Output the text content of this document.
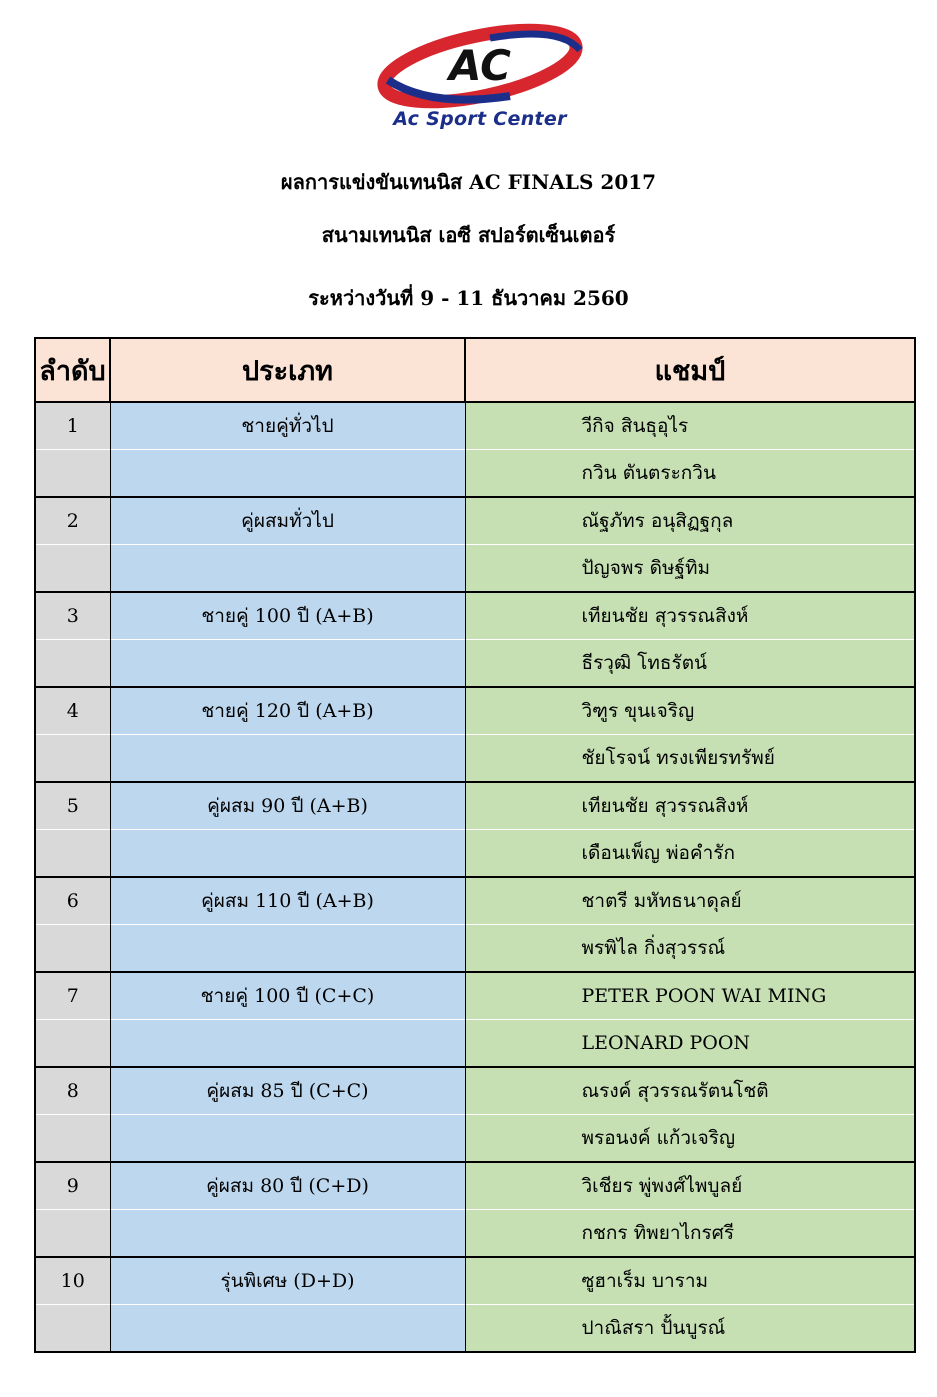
AC
Ac Sport Center
ผลการแข่งขันเทนนิส AC FINALS 2017
สนามเทนนิส เอซี สปอร์ตเซ็นเตอร์
ระหว่างวันที่ 9 - 11 ธันวาคม 2560
ลำดับ	ประเภท	แชมป์
1	ชายคู่ทั่วไป	วีกิจ สินธุอุไร
		กวิน ตันตระกวิน
2	คู่ผสมทั่วไป	ณัฐภัทร อนุสิฏฐกุล
		ปัญจพร ดิษฐ์ทิม
3	ชายคู่ 100 ปี (A+B)	เทียนชัย สุวรรณสิงห์
		ธีรวุฒิ โทธรัตน์
4	ชายคู่ 120 ปี (A+B)	วิฑูร ขุนเจริญ
		ชัยโรจน์ ทรงเพียรทรัพย์
5	คู่ผสม 90 ปี (A+B)	เทียนชัย สุวรรณสิงห์
		เดือนเพ็ญ พ่อคำรัก
6	คู่ผสม 110 ปี (A+B)	ชาตรี มหัทธนาดุลย์
		พรพิไล กิ่งสุวรรณ์
7	ชายคู่ 100 ปี (C+C)	PETER POON WAI MING
		LEONARD POON
8	คู่ผสม 85 ปี (C+C)	ณรงค์ สุวรรณรัตนโชติ
		พรอนงค์ แก้วเจริญ
9	คู่ผสม 80 ปี (C+D)	วิเชียร พู่พงศ์ไพบูลย์
		กชกร ทิพยาไกรศรี
10	รุ่นพิเศษ (D+D)	ซูฮาเร็ม บาราม
		ปาณิสรา ปั้นบูรณ์
